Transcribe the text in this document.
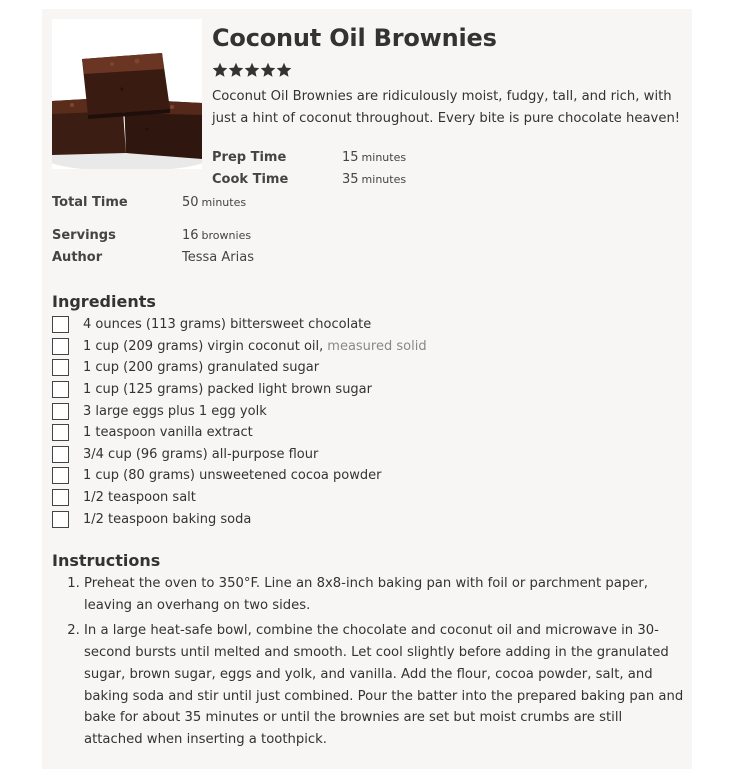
Coconut Oil Brownies
Coconut Oil Brownies are ridiculously moist, fudgy, tall, and rich, with just a hint of coconut throughout. Every bite is pure chocolate heaven!
Prep Time	15 minutes
Cook Time	35 minutes
Total Time	50 minutes
Servings	16 brownies
Author	Tessa Arias
Ingredients
4 ounces (113 grams) bittersweet chocolate
1 cup (209 grams) virgin coconut oil, measured solid
1 cup (200 grams) granulated sugar
1 cup (125 grams) packed light brown sugar
3 large eggs plus 1 egg yolk
1 teaspoon vanilla extract
3/4 cup (96 grams) all-purpose flour
1 cup (80 grams) unsweetened cocoa powder
1/2 teaspoon salt
1/2 teaspoon baking soda
Instructions
1. Preheat the oven to 350°F. Line an 8x8-inch baking pan with foil or parchment paper, leaving an overhang on two sides.
2. In a large heat-safe bowl, combine the chocolate and coconut oil and microwave in 30-second bursts until melted and smooth. Let cool slightly before adding in the granulated sugar, brown sugar, eggs and yolk, and vanilla. Add the flour, cocoa powder, salt, and baking soda and stir until just combined. Pour the batter into the prepared baking pan and bake for about 35 minutes or until the brownies are set but moist crumbs are still attached when inserting a toothpick.
